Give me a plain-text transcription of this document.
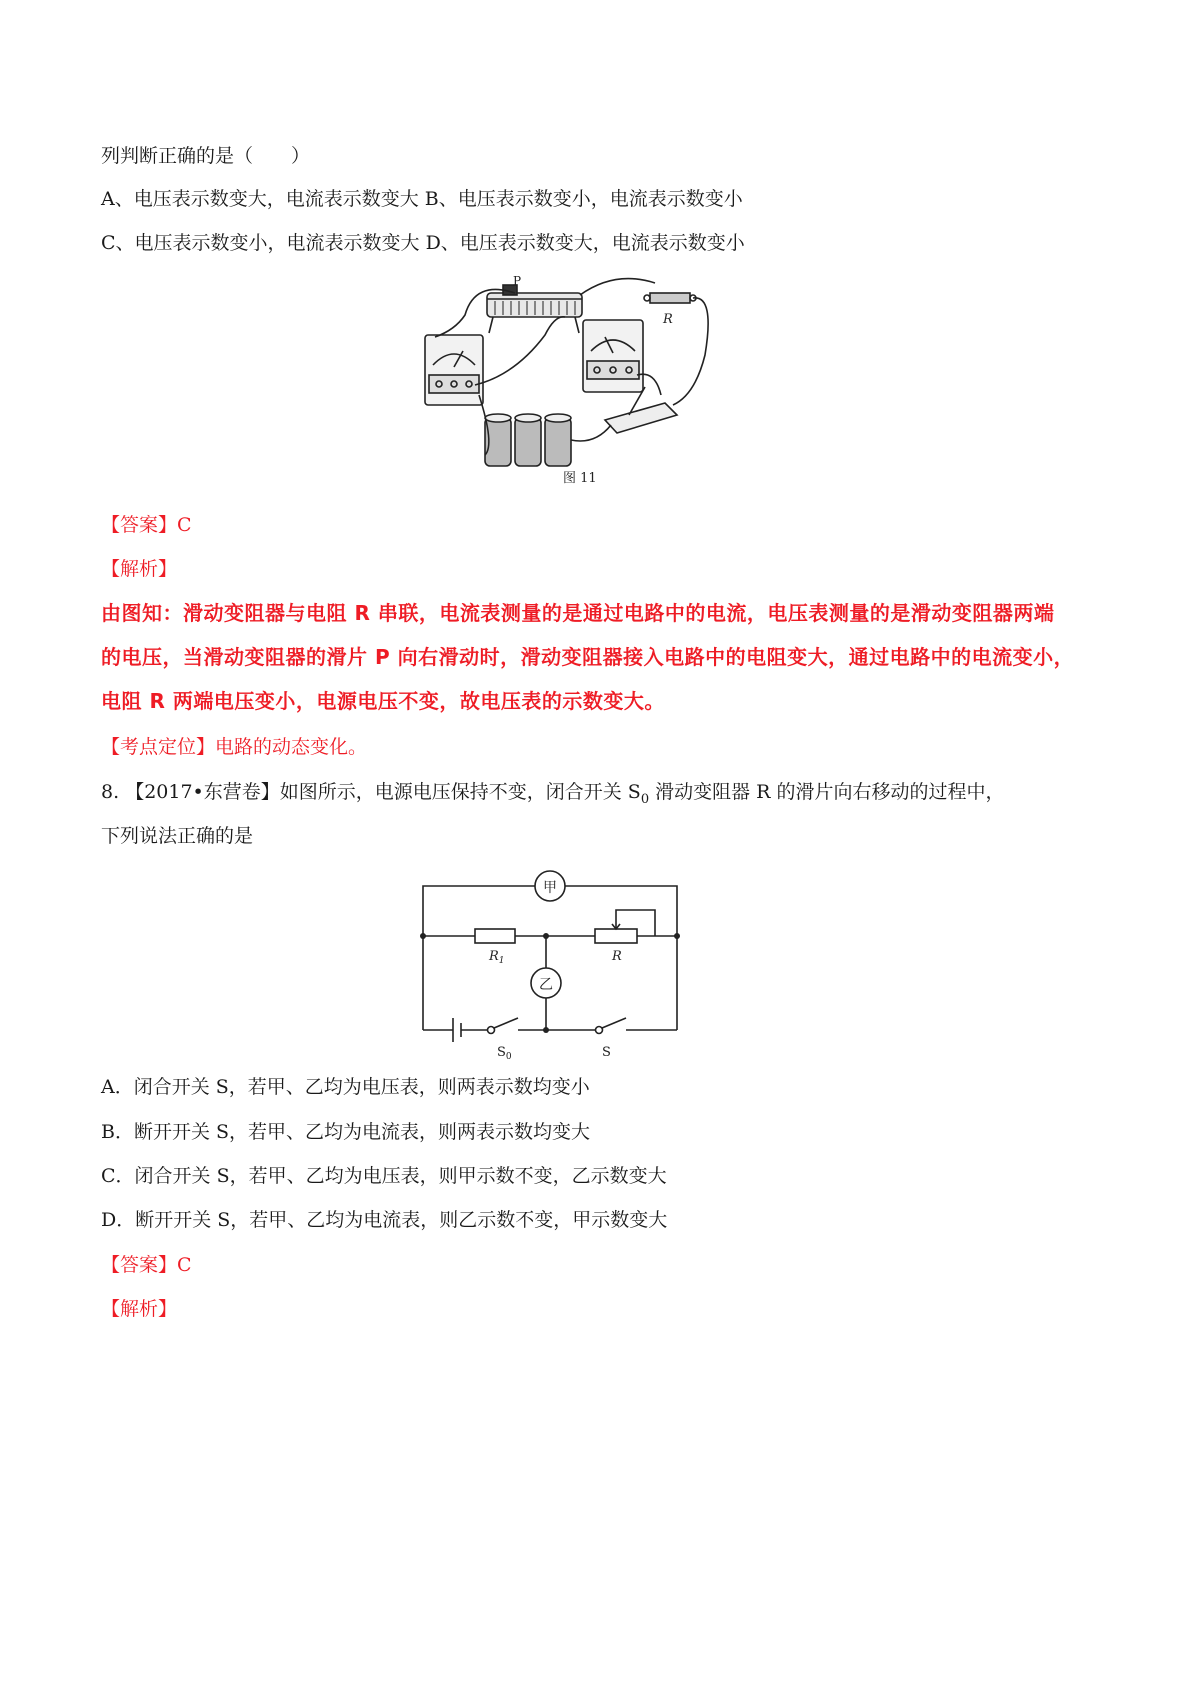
列判断正确的是（　　）
A、电压表示数变大，电流表示数变大 B、电压表示数变小，电流表示数变小
C、电压表示数变小，电流表示数变大 D、电压表示数变大，电流表示数变小
P
R
图 11
【答案】C
【解析】
由图知：滑动变阻器与电阻 R 串联，电流表测量的是通过电路中的电流，电压表测量的是滑动变阻器两端
的电压，当滑动变阻器的滑片 P 向右滑动时，滑动变阻器接入电路中的电阻变大，通过电路中的电流变小，
电阻 R 两端电压变小，电源电压不变，故电压表的示数变大。
【考点定位】电路的动态变化。
8. 【2017•东营卷】如图所示，电源电压保持不变，闭合开关 $S_0$ 滑动变阻器 R 的滑片向右移动的过程中，
下列说法正确的是
甲
乙
$R_1$	R
$S_0$	S
A．闭合开关 S，若甲、乙均为电压表，则两表示数均变小
B．断开开关 S，若甲、乙均为电流表，则两表示数均变大
C．闭合开关 S，若甲、乙均为电压表，则甲示数不变，乙示数变大
D．断开开关 S，若甲、乙均为电流表，则乙示数不变，甲示数变大
【答案】C
【解析】
